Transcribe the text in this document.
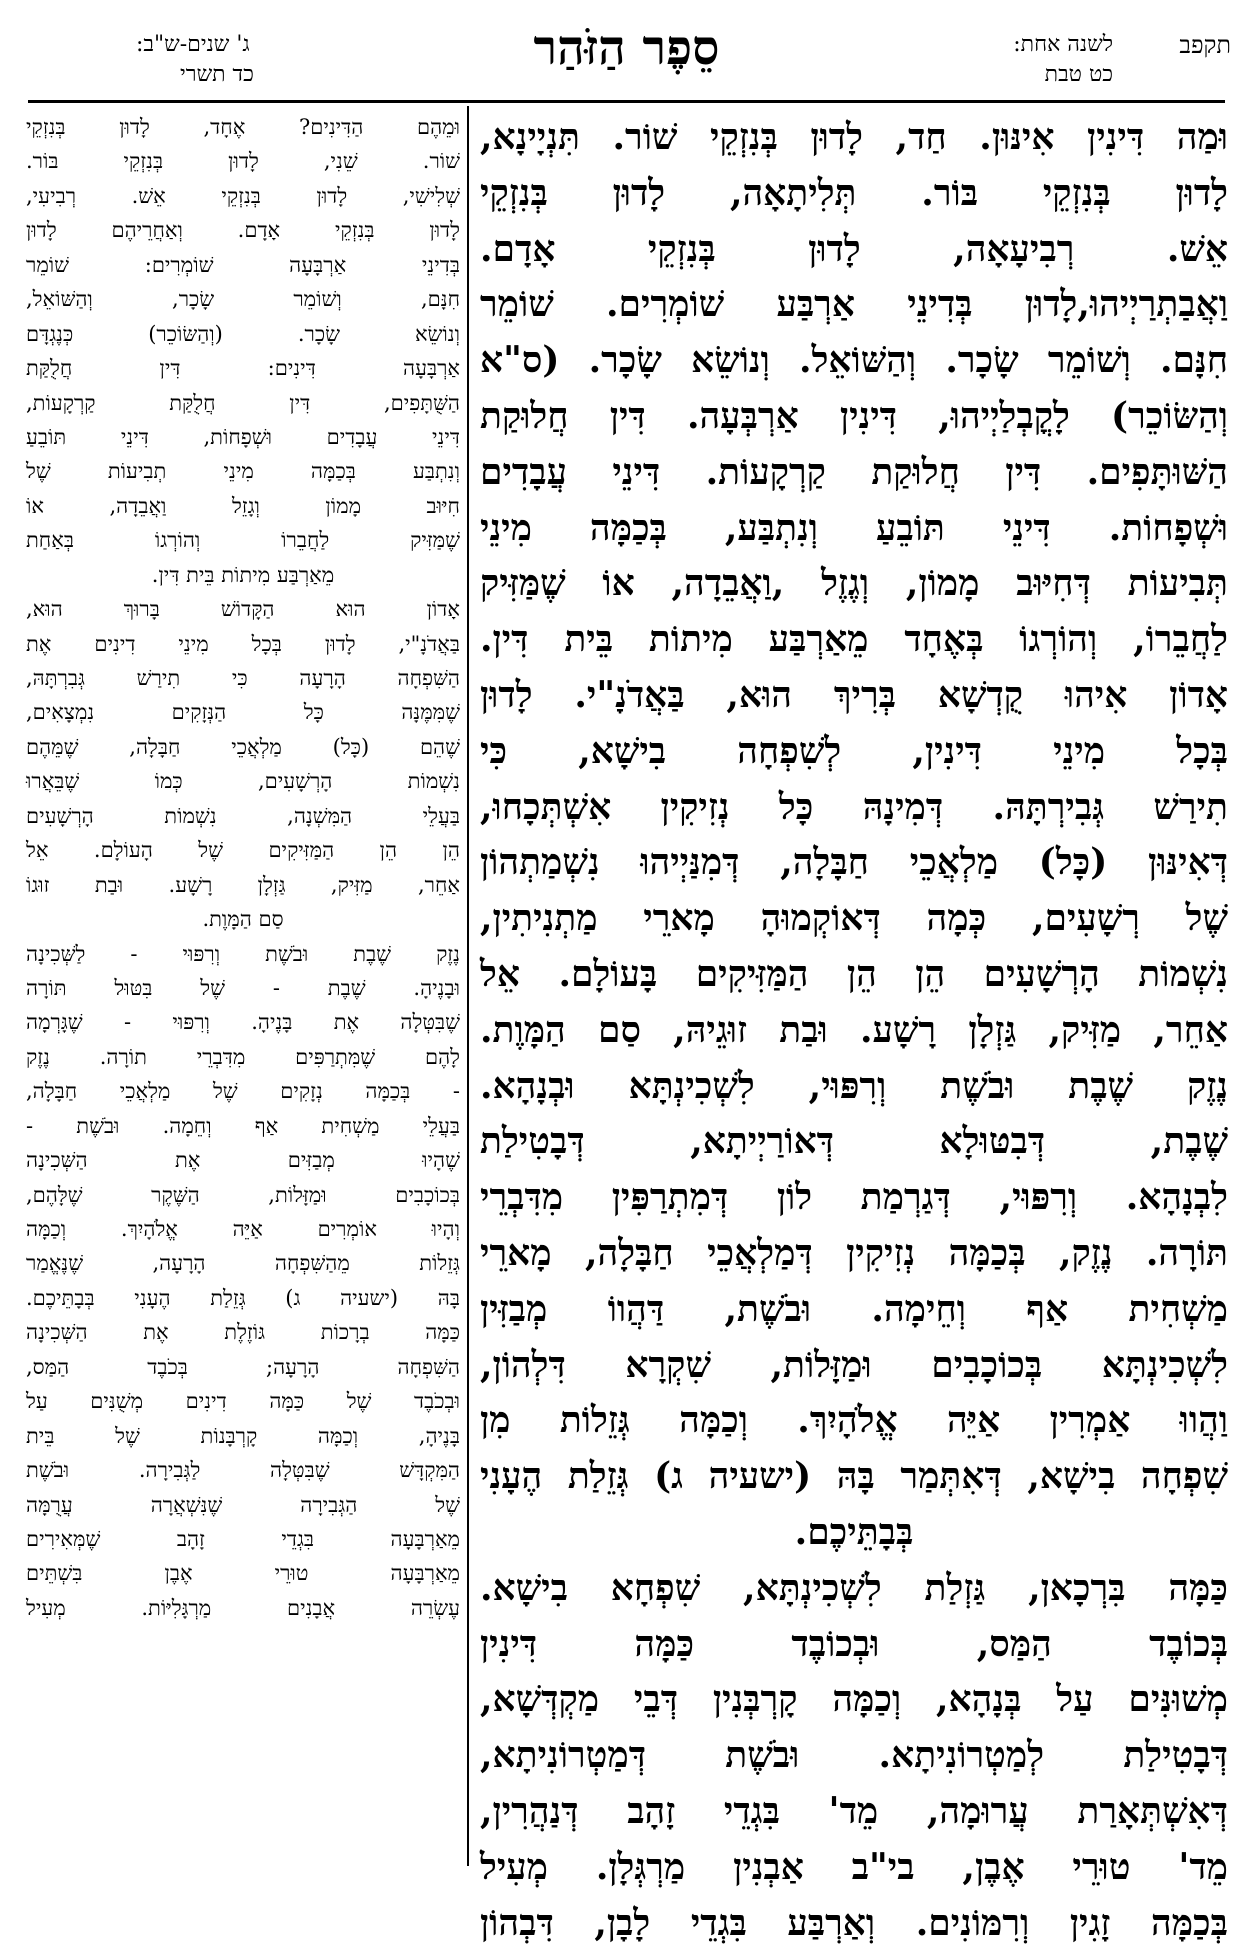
תקפב
לשנה אחת:
כט טבת
סֵפֶר הַזֹּהַר
ג' שנים-ש"ב:
כד תשרי
וּמַה דִּינִין אִינּוּן. חַד, לָדוּן בְּנִזְקֵי שׁוֹר. תִּנְיָינָא,
לָדוּן בְּנִזְקֵי בּוֹר. תְּלִיתָאָה, לָדוּן בְּנִזְקֵי
אֵשׁ. רְבִיעָאָה, לָדוּן בְּנִזְקֵי אָדָם.
וַאֲבַתְרַיְיהוּ,לָדוּן בְּדִינֵי אַרְבַּע שׁוֹמְרִים. שׁוֹמֵר
חִנָּם. וְשׁוֹמֵר שָׂכָר. וְהַשּׁוֹאֵל. וְנוֹשֵׂא שָׂכָר. (ס"א
וְהַשּׂוֹכֵר) לָקֳבְלַיְיהוּ, דִּינִין אַרְבְּעָה. דִּין חֲלוּקַת
הַשּׁוּתָּפִים. דִּין חֲלוּקַת קַרְקָעוֹת. דִּינֵי עֲבָדִים
וּשְׁפָחוֹת. דִּינֵי תּוֹבֵעַ וְנִתְבַּע, בְּכַמָּה מִינֵי
תְּבִיעוֹת דְּחִיּוּב מָמוֹן, וְגֶזֶל ,וַאֲבֵדָה, אוֹ שֶׁמַּזִּיק
לַחֲבֵרוֹ, וְהוֹרְגוֹ בְּאֶחָד מֵאַרְבַּע מִיתוֹת בֵּית דִּין.
אָדוֹן אִיהוּ קֻדְשָׁא בְּרִיךְ הוּא, בַּאֲדֹנָ"י. לָדוּן
בְּכָל מִינֵי דִּינִין, לְשִׁפְחָה בִישָׁא, כִּי
תִירַשׁ גְּבִירְתָּהּ. דְּמִינָהּ כָּל נְזִיקִין אִשְׁתְּכָחוּ,
דְּאִינּוּן (כָּל) מַלְאֲכֵי חַבָּלָה, דְּמִנַּיְיהוּ נִשְׁמַתְהוֹן
שֶׁל רְשָׁעִים, כְּמָה דְּאוֹקְמוּהָ מָארֵי מַתְנִיתִין,
נִשְׁמוֹת הָרְשָׁעִים הֵן הֵן הַמַּזִּיקִים בָּעוֹלָם. אֵל
אַחֵר, מַזִּיק, גַּזְלָן רָשָׁע. וּבַת זוּגֵיהּ, סַם הַמָּוֶת.
נֶזֶק שֶׁבֶת וּבֹשֶׁת וְרִפּוּי, לִשְׁכִינְתָּא וּבְנָהָא.
שֶׁבֶת, דְּבִטּוּלָא דְּאוֹרַיְיתָא, דְּבָטִילַת
לִבְנָהָא. וְרִפּוּי, דְּגַרְמַת לוֹן דְּמִתְרַפִּין מִדִּבְרֵי
תּוֹרָה. נֶזֶק, בְּכַמָּה נְזִיקִין דְּמַלְאֲכֵי חַבָּלָה, מָארֵי
מַשְׁחִית אַף וְחֵימָה. וּבֹשֶׁת, דַּהֲווֹ מְבַזִּין
לִשְׁכִינְתָּא בְּכוֹכָבִים וּמַזָּלוֹת, שִׁקְרָא דִּלְהוֹן,
וַהֲווּ אַמְרִין אַיֵּה אֱלֹהָיִךְ. וְכַמָּה גְּזֵלוֹת מִן
שִׁפְחָה בִישָׁא, דְּאִתְּמַר בָּהּ (ישעיה ג) גְּזֵלַת הֶעָנִי
בְּבָתֵּיכֶם.
כַּמָּה בִּרְכָאן, גַּזְלַת לִשְׁכִינְתָּא, שִׁפְחָא בִישָׁא.
בְּכוֹבֶד הַמַּס, וּבְכוֹבֶד כַּמָּה דִּינִין
מְשׁוּנִּים עַל בְּנָהָא, וְכַמָּה קָרְבְּנִין דְּבֵי מַקְדְּשָׁא,
דְּבָטִילַת לְמַטְרוֹנִיתָא. וּבֹשֶׁת דְּמַטְרוֹנִיתָא,
דְּאִשְׁתְּאָרַת עֲרוּמָה, מֵד' בִּגְדֵי זָהָב דְּנַהֲרִין,
מֵד' טוּרֵי אֶבֶן, בי"ב אַבְנִין מַרְגְּלָן. מְעִיל
בְּכַמָּה זָגִין וְרִמּוֹנִים. וְאַרְבַּע בִּגְדֵי לָבָן, דִּבְהוֹן
וּמֵהֶם הַדִּינִים? אֶחָד, לָדוּן בְּנִזְקֵי
שׁוֹר. שֵׁנִי, לָדוּן בְּנִזְקֵי בּוֹר.
שְׁלִישִׁי, לָדוּן בְּנִזְקֵי אֵשׁ. רְבִיעִי,
לָדוּן בְּנִזְקֵי אָדָם. וְאַחֲרֵיהֶם לָדוּן
בְּדִינֵי אַרְבָּעָה שׁוֹמְרִים: שׁוֹמֵר
חִנָּם, וְשׁוֹמֵר שָׂכָר, וְהַשּׁוֹאֵל,
וְנוֹשֵׂא שָׂכָר. (וְהַשּׂוֹכֵר) כְּנֶגְדָּם
אַרְבָּעָה דִּינִים: דִּין חֲלֻקַּת
הַשֻּׁתָּפִים, דִּין חֲלֻקַּת קַרְקָעוֹת,
דִּינֵי עֲבָדִים וּשְׁפָחוֹת, דִּינֵי תּוֹבֵעַ
וְנִתְבַּע בְּכַמָּה מִינֵי תְבִיעוֹת שֶׁל
חִיּוּב מָמוֹן וְגָזֵל וַאֲבֵדָה, אוֹ
שֶׁמַּזִּיק לַחֲבֵרוֹ וְהוֹרְגוֹ בְּאַחַת
מֵאַרְבַּע מִיתוֹת בֵּית דִּין.
אָדוֹן הוּא הַקָּדוֹשׁ בָּרוּךְ הוּא,
בַּאֲדֹנָ"י, לָדוּן בְּכָל מִינֵי דִינִים אֶת
הַשִּׁפְחָה הָרָעָה כִּי תִירַשׁ גְּבִרְתָּהּ,
שֶׁמִּמֶּנָּה כָּל הַנְּזָקִים נִמְצָאִים,
שֶׁהֵם (כָּל) מַלְאֲכֵי חַבָּלָה, שֶׁמֵּהֶם
נִשְׁמוֹת הָרְשָׁעִים, כְּמוֹ שֶׁבֵּאֲרוּ
בַּעֲלֵי הַמִּשְׁנָה, נִשְׁמוֹת הָרְשָׁעִים
הֵן הֵן הַמַּזִּיקִים שֶׁל הָעוֹלָם. אֵל
אַחֵר, מַזִּיק, גַּזְלָן רָשָׁע. וּבַת זוּגוֹ
סַם הַמָּוֶת.
נֶזֶק שֶׁבֶת וּבֹשֶׁת וְרִפּוּי - לַשְּׁכִינָה
וּבָנֶיהָ. שֶׁבֶת - שֶׁל בִּטּוּל תּוֹרָה
שֶׁבִּטְּלָה אֶת בָּנֶיהָ. וְרִפּוּי - שֶׁגָּרְמָה
לָהֶם שֶׁמִּתְרַפִּים מִדִּבְרֵי תוֹרָה. נֶזֶק
- בְּכַמָּה נְזָקִים שֶׁל מַלְאֲכֵי חַבָּלָה,
בַּעֲלֵי מַשְׁחִית אַף וְחֵמָה. וּבֹשֶׁת -
שֶׁהָיוּ מְבַזִּים אֶת הַשְּׁכִינָה
בְּכוֹכָבִים וּמַזָּלוֹת, הַשֶּׁקֶר שֶׁלָּהֶם,
וְהָיוּ אוֹמְרִים אַיֵּה אֱלֹהָיִךְ. וְכַמָּה
גְּזֵלוֹת מֵהַשִּׁפְחָה הָרָעָה, שֶׁנֶּאֱמַר
בָּהּ (ישעיה ג) גְּזֵלַת הֶעָנִי בְּבָתֵּיכֶם.
כַּמָּה בְרָכוֹת גּוֹזֶלֶת אֶת הַשְּׁכִינָה
הַשִּׁפְחָה הָרָעָה; בְּכֹבֶד הַמַּס,
וּבְכֹבֶד שֶׁל כַּמָּה דִינִים מְשֻׁנִּים עַל
בָּנֶיהָ, וְכַמָּה קָרְבָּנוֹת שֶׁל בֵּית
הַמִּקְדָּשׁ שֶׁבִּטְּלָה לַגְּבִירָה. וּבֹשֶׁת
שֶׁל הַגְּבִירָה שֶׁנִּשְׁאֲרָה עֲרֻמָּה
מֵאַרְבָּעָה בִּגְדֵי זָהָב שֶׁמְּאִירִים
מֵאַרְבָּעָה טוּרֵי אֶבֶן בִּשְׁתֵּים
עֶשְׂרֵה אֲבָנִים מַרְגָּלִיּוֹת. מְעִיל
